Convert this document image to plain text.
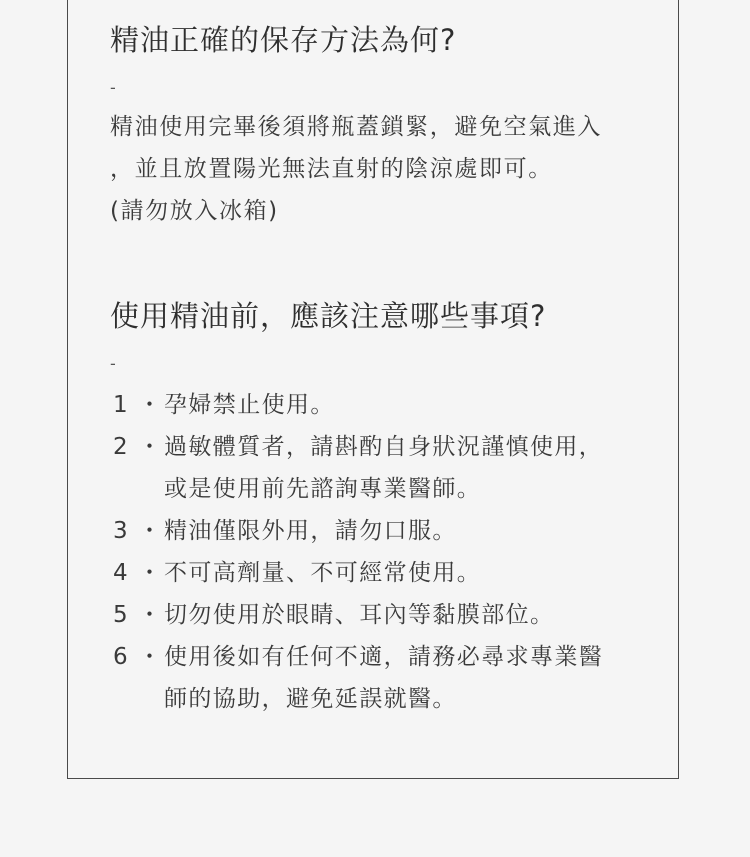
精油正確的保存方法為何?
-
精油使用完畢後須將瓶蓋鎖緊，避免空氣進入
，並且放置陽光無法直射的陰涼處即可。
(請勿放入冰箱)
使用精油前，應該注意哪些事項?
-
1 ・ 孕婦禁止使用。
2 ・ 過敏體質者，請斟酌自身狀況謹慎使用，
或是使用前先諮詢專業醫師。
3 ・ 精油僅限外用，請勿口服。
4 ・ 不可高劑量、不可經常使用。
5 ・ 切勿使用於眼睛、耳內等黏膜部位。
6 ・ 使用後如有任何不適，請務必尋求專業醫
師的協助，避免延誤就醫。
